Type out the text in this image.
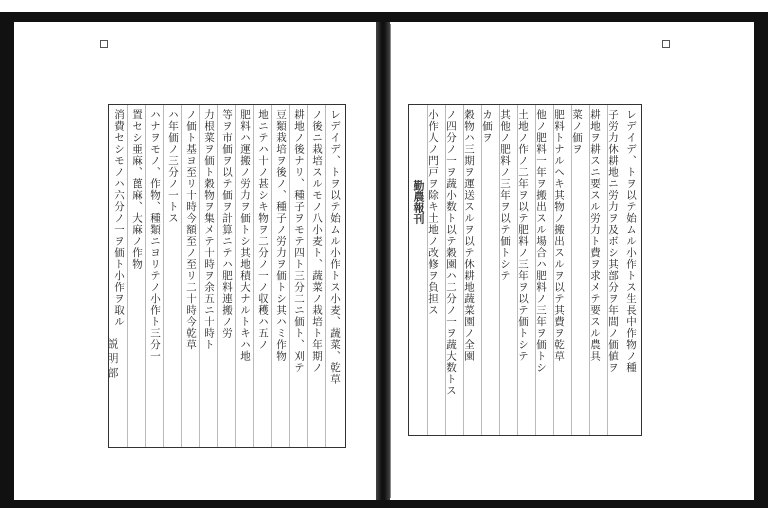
レデイデ、トヲ以テ始ムル小作トス小麦、蔬菜、乾草
ノ後ニ栽培スルモノ八小麦ト、蔬菜ノ栽培ト年期ノ
耕地ノ後ナリ、種子ヲモテ四ト三分二ニ価ト、刈テ
豆類栽培ヲ後ノ、種子ノ労力ヲ価トシ其ハミ作物
地ニテハ十ノ甚シキ物ヲ二分ノ一ノ収穫ハ五ノ
肥料ハ運搬ノ労力ヲ価トシ其地積大ナルトキハ地
等ヲ市価ヲ以テ価ヲ計算ニテハ肥料連搬ノ労
力根菜ヲ価ト穀物ヲ集メテ十時ヲ余五ニ十時ト
ノ価ト基ヨ至リ十時今額至ノ至リ二十時今乾草
ハ年価ノ三分ノ一トス
ハナヲモノ、作物、種類ニヨリテノ小作ト三分一
置セシ亜麻、蓖麻、大麻ノ作物
消費セシモノハ六分ノ一ヲ価ト小作ヲ取ル
説 明 部	レデイデ、トヲ以テ始ムル小作トス生長中作物ノ種
子労力休耕地ニ労力ヲ及ボシ其部分ヲ年間ノ価値ヲ
耕地ヲ耕スニ要スル労力ト費ヲ求メテ要スル農具
菜ノ価ヲ
肥料トナルヘキ其物ノ搬出スルヲ以テ其費ヲ乾草
他ノ肥料一年ヲ搬出スル場合ハ肥料ノ三年ヲ価トシ
土地ノ作ノ二年ヲ以テ肥料ノ三年ヲ以テ価トシテ
其他ノ肥料ノ三年ヲ以テ価トシテ
カ価ヲ
穀物ハ三期ヲ運送スルヲ以テ休耕地蔬菜園ノ全園
ノ四分ノ一ヲ蔬小数ト以テ穀園ハ二分ノ一ヲ蔬大数トス
小作人ノ門戸ヲ除キ土地ノ改修ヲ負担ス
勤農報刊
